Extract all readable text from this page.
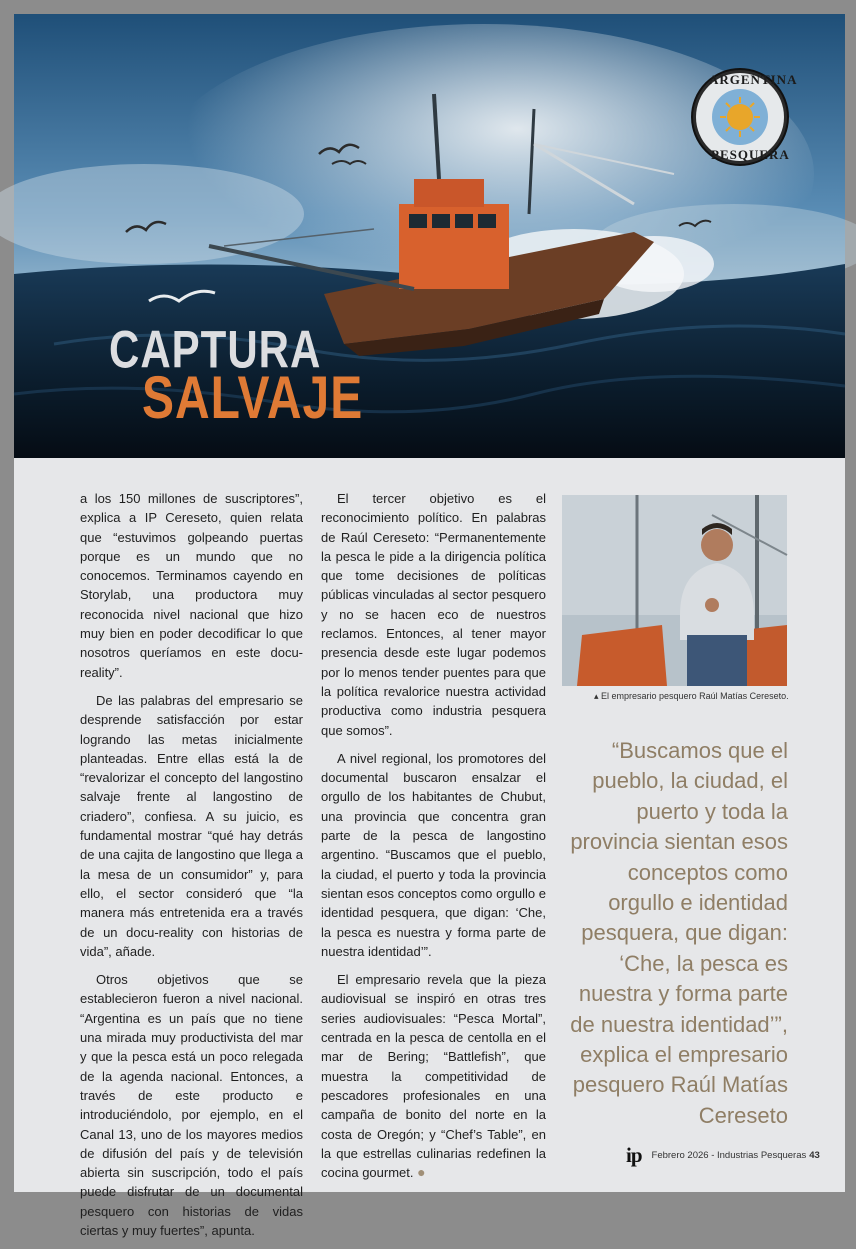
CAPTURA
SALVAJE
ARGENTINA
PESQUERA

a los 150 millones de suscriptores”, explica a IP Cereseto, quien relata que “estuvimos golpeando puertas porque es un mundo que no conocemos. Terminamos cayendo en Storylab, una productora muy reconocida nivel nacional que hizo muy bien en poder decodificar lo que nosotros queríamos en este docu-reality”.

De las palabras del empresario se desprende satisfacción por estar logrando las metas inicialmente planteadas. Entre ellas está la de “revalorizar el concepto del langostino salvaje frente al langostino de criadero”, confiesa. A su juicio, es fundamental mostrar “qué hay detrás de una cajita de langostino que llega a la mesa de un consumidor” y, para ello, el sector consideró que “la manera más entretenida era a través de un docu-reality con historias de vida”, añade.

Otros objetivos que se establecieron fueron a nivel nacional. “Argentina es un país que no tiene una mirada muy productivista del mar y que la pesca está un poco relegada de la agenda nacional. Entonces, a través de este producto e introduciéndolo, por ejemplo, en el Canal 13, uno de los mayores medios de difusión del país y de televisión abierta sin suscripción, todo el país puede disfrutar de un documental pesquero con historias de vidas ciertas y muy fuertes”, apunta.

El tercer objetivo es el reconocimiento político. En palabras de Raúl Cereseto: “Permanentemente la pesca le pide a la dirigencia política que tome decisiones de políticas públicas vinculadas al sector pesquero y no se hacen eco de nuestros reclamos. Entonces, al tener mayor presencia desde este lugar podemos por lo menos tender puentes para que la política revalorice nuestra actividad productiva como industria pesquera que somos”.

A nivel regional, los promotores del documental buscaron ensalzar el orgullo de los habitantes de Chubut, una provincia que concentra gran parte de la pesca de langostino argentino. “Buscamos que el pueblo, la ciudad, el puerto y toda la provincia sientan esos conceptos como orgullo e identidad pesquera, que digan: ‘Che, la pesca es nuestra y forma parte de nuestra identidad’”.

El empresario revela que la pieza audiovisual se inspiró en otras tres series audiovisuales: “Pesca Mortal”, centrada en la pesca de centolla en el mar de Bering; “Battlefish”, que muestra la competitividad de pescadores profesionales en una campaña de bonito del norte en la costa de Oregón; y “Chef’s Table”, en la que estrellas culinarias redefinen la cocina gourmet. ●

▴ El empresario pesquero Raúl Matías Cereseto.
“Buscamos que el pueblo, la ciudad, el puerto y toda la provincia sientan esos conceptos como orgullo e identidad pesquera, que digan: ‘Che, la pesca es nuestra y forma parte de nuestra identidad’”, explica el empresario pesquero Raúl Matías Cereseto
ip Febrero 2026 - Industrias Pesqueras 43
